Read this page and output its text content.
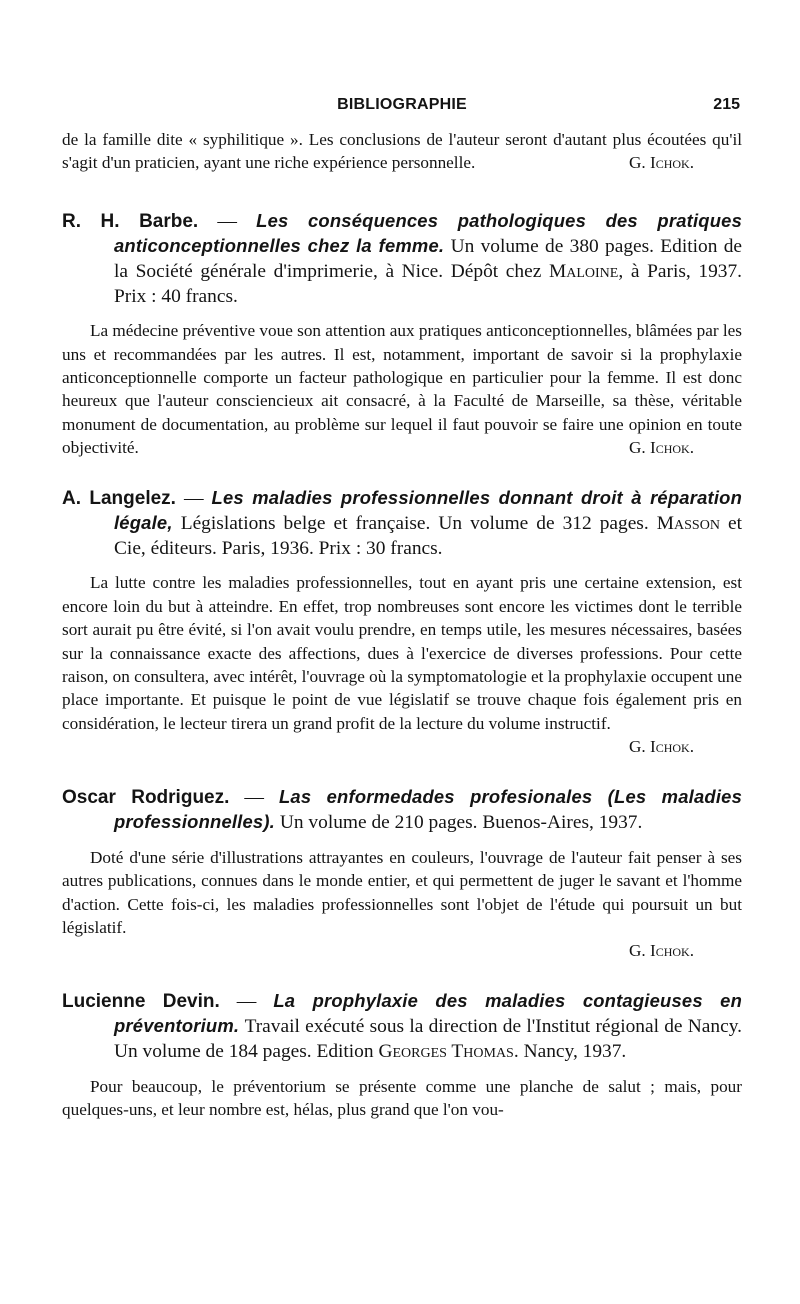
BIBLIOGRAPHIE	215

de la famille dite « syphilitique ». Les conclusions de l'auteur seront d'autant plus écoutées qu'il s'agit d'un praticien, ayant une riche expérience personnelle.	G. Ichok.

R. H. Barbe. — Les conséquences pathologiques des pratiques anticonceptionnelles chez la femme. Un volume de 380 pages. Edition de la Société générale d'imprimerie, à Nice. Dépôt chez Maloine, à Paris, 1937. Prix : 40 francs.

La médecine préventive voue son attention aux pratiques anticonceptionnelles, blâmées par les uns et recommandées par les autres. Il est, notamment, important de savoir si la prophylaxie anticonceptionnelle comporte un facteur pathologique en particulier pour la femme. Il est donc heureux que l'auteur consciencieux ait consacré, à la Faculté de Marseille, sa thèse, véritable monument de documentation, au problème sur lequel il faut pouvoir se faire une opinion en toute objectivité.	G. Ichok.

A. Langelez. — Les maladies professionnelles donnant droit à réparation légale, Législations belge et française. Un volume de 312 pages. Masson et Cie, éditeurs. Paris, 1936. Prix : 30 francs.

La lutte contre les maladies professionnelles, tout en ayant pris une certaine extension, est encore loin du but à atteindre. En effet, trop nombreuses sont encore les victimes dont le terrible sort aurait pu être évité, si l'on avait voulu prendre, en temps utile, les mesures nécessaires, basées sur la connaissance exacte des affections, dues à l'exercice de diverses professions. Pour cette raison, on consultera, avec intérêt, l'ouvrage où la symptomatologie et la prophylaxie occupent une place importante. Et puisque le point de vue législatif se trouve chaque fois également pris en considération, le lecteur tirera un grand profit de la lecture du volume instructif.
G. Ichok.

Oscar Rodriguez. — Las enformedades profesionales (Les maladies professionnelles). Un volume de 210 pages. Buenos-Aires, 1937.

Doté d'une série d'illustrations attrayantes en couleurs, l'ouvrage de l'auteur fait penser à ses autres publications, connues dans le monde entier, et qui permettent de juger le savant et l'homme d'action. Cette fois-ci, les maladies professionnelles sont l'objet de l'étude qui poursuit un but législatif.
G. Ichok.

Lucienne Devin. — La prophylaxie des maladies contagieuses en préventorium. Travail exécuté sous la direction de l'Institut régional de Nancy. Un volume de 184 pages. Edition Georges Thomas. Nancy, 1937.

Pour beaucoup, le préventorium se présente comme une planche de salut ; mais, pour quelques-uns, et leur nombre est, hélas, plus grand que l'on vou-
